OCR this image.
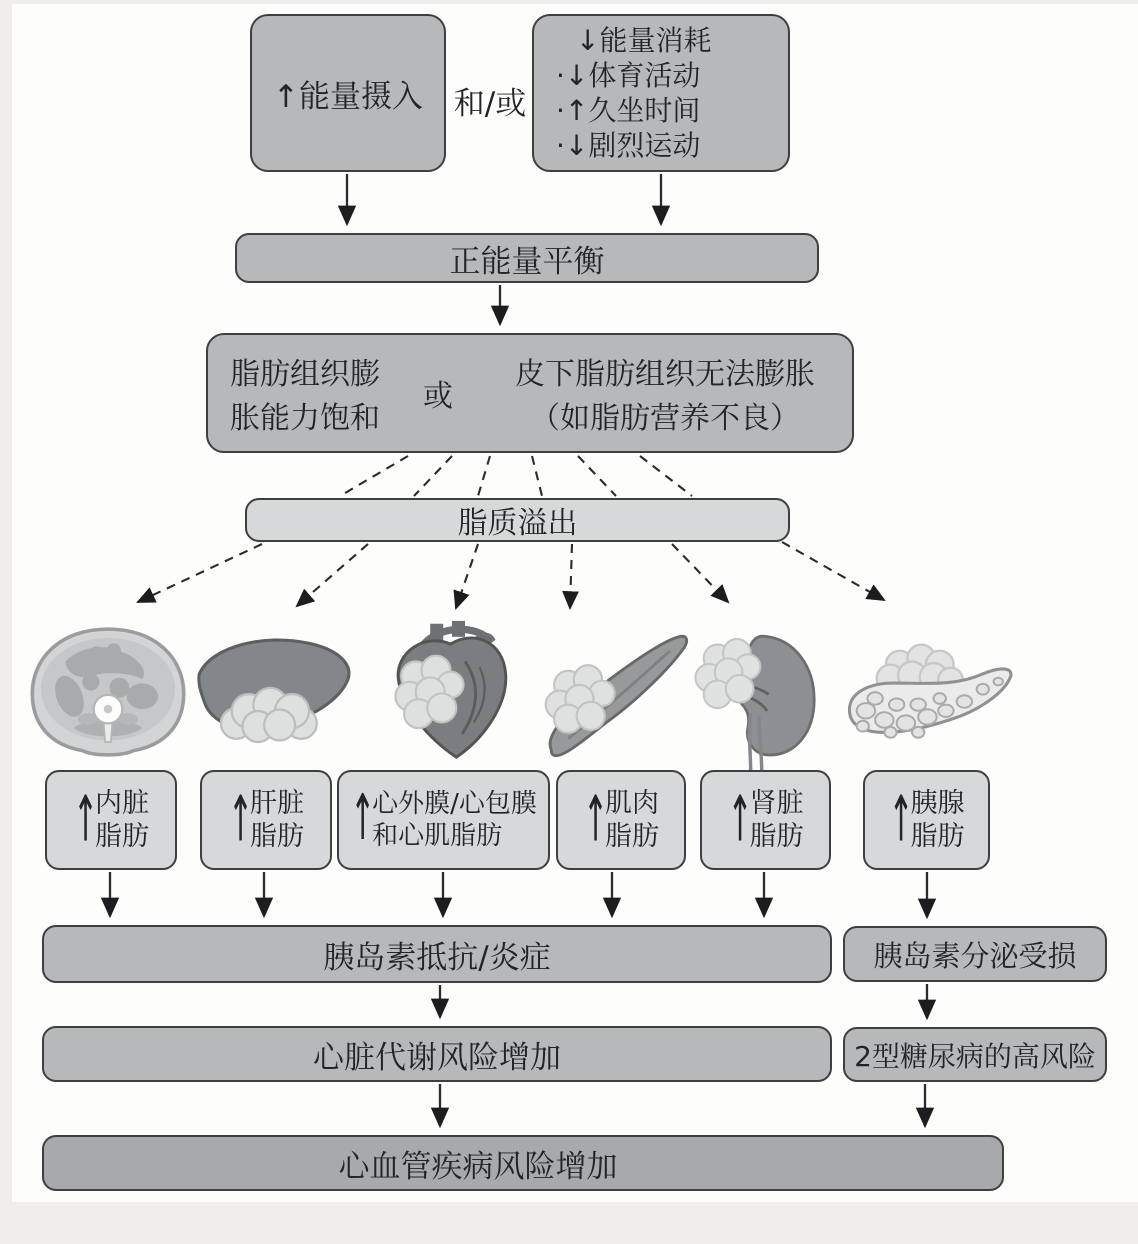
↑能量摄入 和/或
↓能量消耗
·↓体育活动
·↑久坐时间
·↓剧烈运动
正能量平衡
脂肪组织膨
胀能力饱和
或
皮下脂肪组织无法膨胀
（如脂肪营养不良）
脂质溢出
↑
内脏
脂肪	↑
肝脏
脂肪 ↑
心外膜/心包膜
和心肌脂肪	↑
肌肉
脂肪 ↑
肾脏
脂肪	↑
胰腺
脂肪
胰岛素抵抗/炎症	胰岛素分泌受损
心脏代谢风险增加	2型糖尿病的高风险
心血管疾病风险增加
